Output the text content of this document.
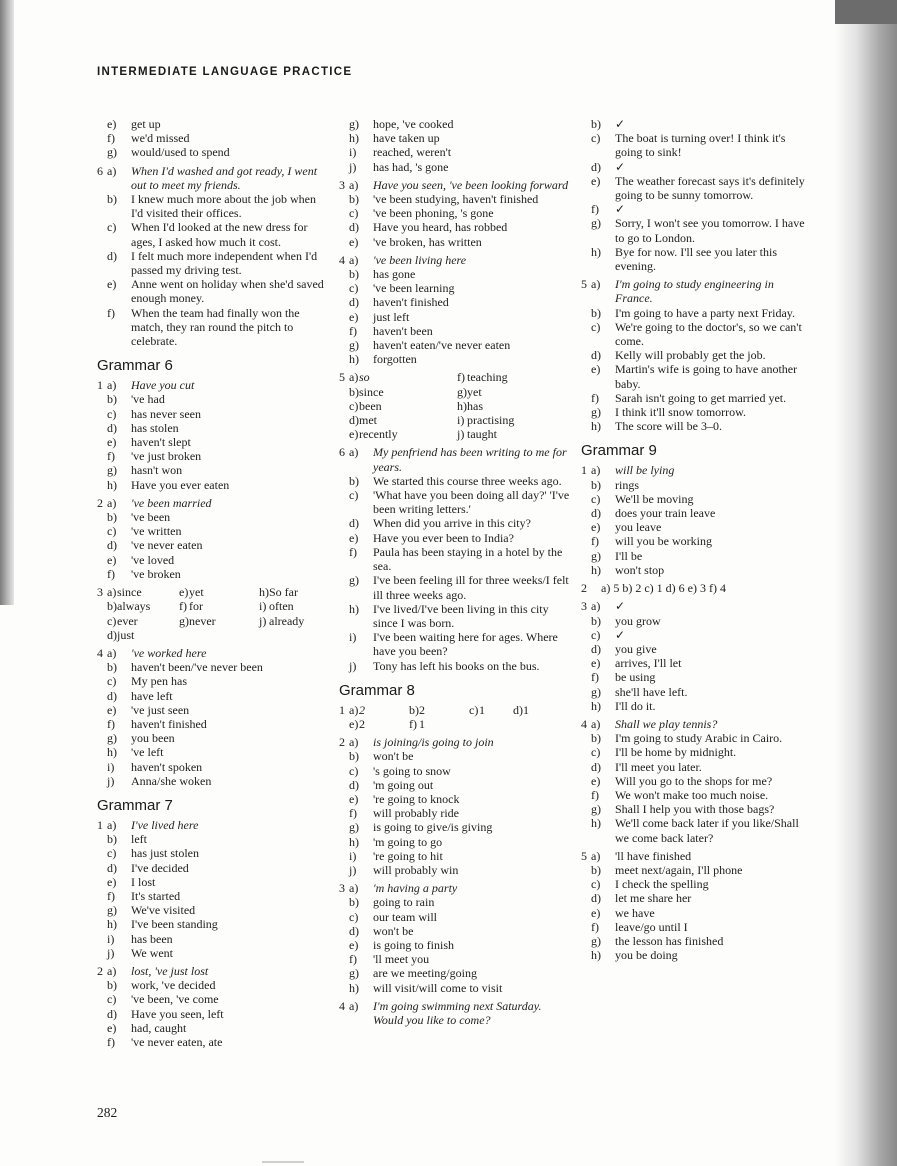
INTERMEDIATE LANGUAGE PRACTICE
e)	get up
f)	we'd missed
g)	would/used to spend
6 a)	When I'd washed and got ready, I went out to meet my friends.
b)	I knew much more about the job when I'd visited their offices.
c)	When I'd looked at the new dress for ages, I asked how much it cost.
d)	I felt much more independent when I'd passed my driving test.
e)	Anne went on holiday when she'd saved enough money.
f)	When the team had finally won the match, they ran round the pitch to celebrate.
Grammar 6
1 a)	Have you cut
b)	've had
c)	has never seen
d)	has stolen
e)	haven't slept
f)	've just broken
g)	hasn't won
h)	Have you ever eaten
2 a)	've been married
b)	've been
c)	've written
d)	've never eaten
e)	've loved
f)	've broken
3 a) since	e) yet	h) So far
b) always	f) for	i) often
c) ever	g) never	j) already
d) just
4 a)	've worked here
b)	haven't been/'ve never been
c)	My pen has
d)	have left
e)	've just seen
f)	haven't finished
g)	you been
h)	've left
i)	haven't spoken
j)	Anna/she woken
Grammar 7
1 a)	I've lived here
b)	left
c)	has just stolen
d)	I've decided
e)	I lost
f)	It's started
g)	We've visited
h)	I've been standing
i)	has been
j)	We went
2 a)	lost, 've just lost
b)	work, 've decided
c)	've been, 've come
d)	Have you seen, left
e)	had, caught
f)	've never eaten, ate
g)	hope, 've cooked
h)	have taken up
i)	reached, weren't
j)	has had, 's gone
3 a)	Have you seen, 've been looking forward
b)	've been studying, haven't finished
c)	've been phoning, 's gone
d)	Have you heard, has robbed
e)	've broken, has written
4 a)	've been living here
b)	has gone
c)	've been learning
d)	haven't finished
e)	just left
f)	haven't been
g)	haven't eaten/'ve never eaten
h)	forgotten
5 a) so	f) teaching
b) since	g) yet
c) been	h) has
d) met	i) practising
e) recently	j) taught
6 a)	My penfriend has been writing to me for years.
b)	We started this course three weeks ago.
c)	'What have you been doing all day?' 'I've been writing letters.'
d)	When did you arrive in this city?
e)	Have you ever been to India?
f)	Paula has been staying in a hotel by the sea.
g)	I've been feeling ill for three weeks/I felt ill three weeks ago.
h)	I've lived/I've been living in this city since I was born.
i)	I've been waiting here for ages. Where have you been?
j)	Tony has left his books on the bus.
Grammar 8
1 a) 2	b) 2	c) 1	d) 1
e) 2	f) 1
2 a)	is joining/is going to join
b)	won't be
c)	's going to snow
d)	'm going out
e)	're going to knock
f)	will probably ride
g)	is going to give/is giving
h)	'm going to go
i)	're going to hit
j)	will probably win
3 a)	'm having a party
b)	going to rain
c)	our team will
d)	won't be
e)	is going to finish
f)	'll meet you
g)	are we meeting/going
h)	will visit/will come to visit
4 a)	I'm going swimming next Saturday. Would you like to come?
b)	✓
c)	The boat is turning over! I think it's going to sink!
d)	✓
e)	The weather forecast says it's definitely going to be sunny tomorrow.
f)	✓
g)	Sorry, I won't see you tomorrow. I have to go to London.
h)	Bye for now. I'll see you later this evening.
5 a)	I'm going to study engineering in France.
b)	I'm going to have a party next Friday.
c)	We're going to the doctor's, so we can't come.
d)	Kelly will probably get the job.
e)	Martin's wife is going to have another baby.
f)	Sarah isn't going to get married yet.
g)	I think it'll snow tomorrow.
h)	The score will be 3–0.
Grammar 9
1 a)	will be lying
b)	rings
c)	We'll be moving
d)	does your train leave
e)	you leave
f)	will you be working
g)	I'll be
h)	won't stop
2 a) 5 b) 2 c) 1 d) 6 e) 3 f) 4
3 a)	✓
b)	you grow
c)	✓
d)	you give
e)	arrives, I'll let
f)	be using
g)	she'll have left.
h)	I'll do it.
4 a)	Shall we play tennis?
b)	I'm going to study Arabic in Cairo.
c)	I'll be home by midnight.
d)	I'll meet you later.
e)	Will you go to the shops for me?
f)	We won't make too much noise.
g)	Shall I help you with those bags?
h)	We'll come back later if you like/Shall we come back later?
5 a)	'll have finished
b)	meet next/again, I'll phone
c)	I check the spelling
d)	let me share her
e)	we have
f)	leave/go until I
g)	the lesson has finished
h)	you be doing
282
